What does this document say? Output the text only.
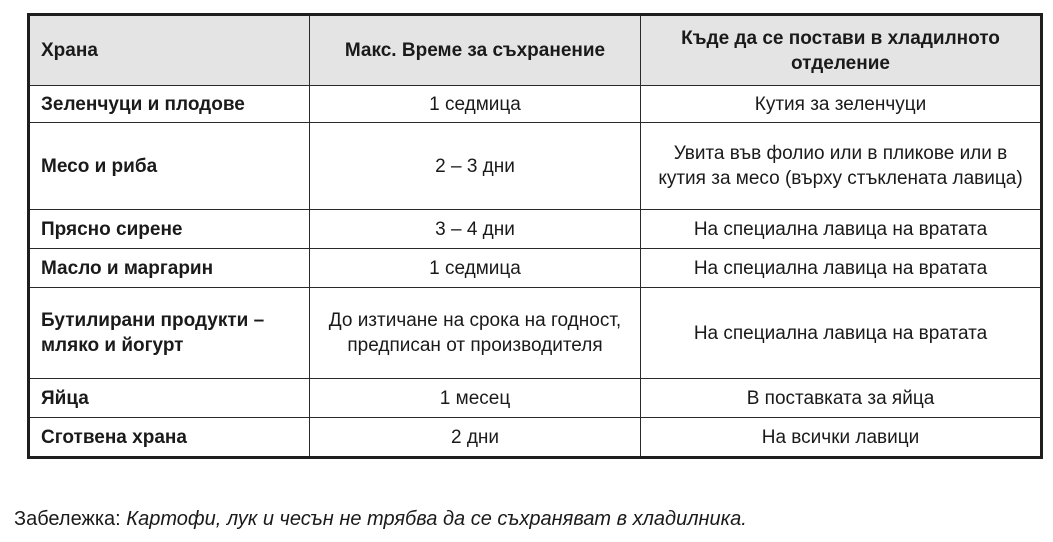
Храна	Макс. Време за съхранение	Къде да се постави в хладилното отделение
Зеленчуци и плодове	1 седмица	Кутия за зеленчуци
Месо и риба	2 – 3 дни	Увита във фолио или в пликове или в кутия за месо (върху стъклената лавица)
Прясно сирене	3 – 4 дни	На специална лавица на вратата
Масло и маргарин	1 седмица	На специална лавица на вратата
Бутилирани продукти – мляко и йогурт	До изтичане на срока на годност, предписан от производителя	На специална лавица на вратата
Яйца	1 месец	В поставката за яйца
Сготвена храна	2 дни	На всички лавици
Забележка: Картофи, лук и чесън не трябва да се съхраняват в хладилника.
